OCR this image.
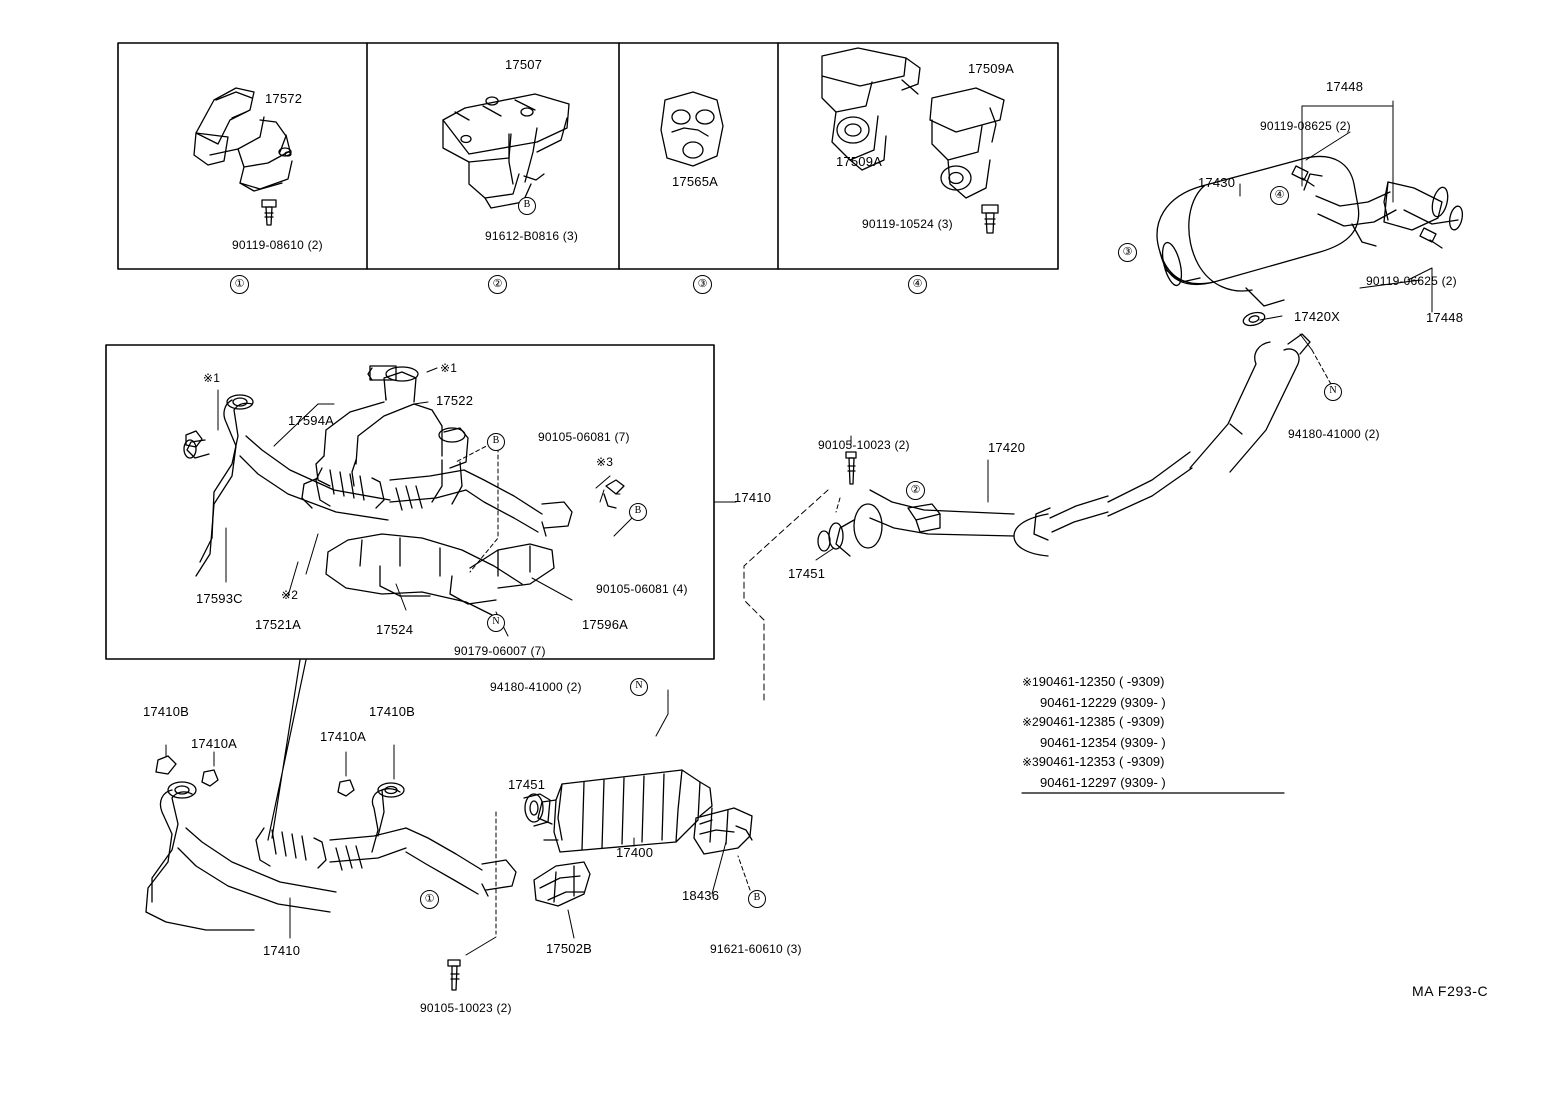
17572
90119-08610 (2)
①
17507
B
91612-B0816 (3)
②
17565A
③
17509A
17509A
90119-10524 (3)
④
17448
90119-08625 (2)
17430
④
③
90119-06625 (2)
17448
17420X
N
94180-41000 (2)
90105-10023 (2)	17420
②
17451
※1
※1
17522
17594A
B	90105-06081 (7)
※3
B
17410
17593C	※2
17521A	17524	17596A
90105-06081 (4)
N
90179-06007 (7)
94180-41000 (2)	N
17410B
17410A	17410A
17410B
17451
17400
18436	B
91621-60610 (3)
17502B
17410
①
90105-10023 (2)
※190461-12350 ( -9309)
90461-12229 (9309- )
※290461-12385 ( -9309)
90461-12354 (9309- )
※390461-12353 ( -9309)
90461-12297 (9309- )
MA F293-C
